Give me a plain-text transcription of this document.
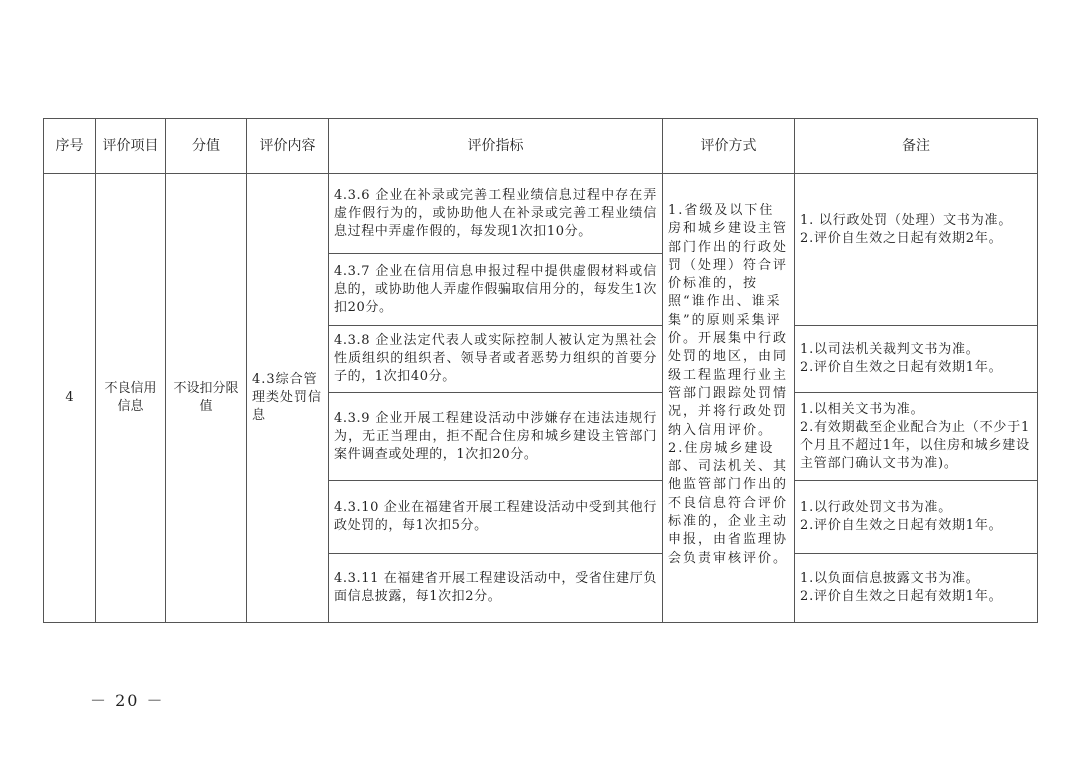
序号	评价项目	分值	评价内容	评价指标	评价方式	备注
4	不良信用信息	不设扣分限值	4.3综合管理类处罚信息	4.3.6 企业在补录或完善工程业绩信息过程中存在弄虚作假行为的，或协助他人在补录或完善工程业绩信息过程中弄虚作假的，每发现1次扣10分。	1.省级及以下住房和城乡建设主管部门作出的行政处罚（处理）符合评价标准的，按照“谁作出、谁采集”的原则采集评价。开展集中行政处罚的地区，由同级工程监理行业主管部门跟踪处罚情况，并将行政处罚纳入信用评价。2.住房城乡建设部、司法机关、其他监管部门作出的不良信息符合评价标准的，企业主动申报，由省监理协会负责审核评价。	1. 以行政处罚（处理）文书为准。
2.评价自生效之日起有效期2年。

				4.3.7 企业在信用信息申报过程中提供虚假材料或信息的，或协助他人弄虚作假骗取信用分的，每发生1次扣20分。		
				4.3.8 企业法定代表人或实际控制人被认定为黑社会性质组织的组织者、领导者或者恶势力组织的首要分子的，1次扣40分。		1.以司法机关裁判文书为准。
2.评价自生效之日起有效期1年。

				4.3.9 企业开展工程建设活动中涉嫌存在违法违规行为，无正当理由，拒不配合住房和城乡建设主管部门案件调查或处理的，1次扣20分。		1.以相关文书为准。
2.有效期截至企业配合为止（不少于1个月且不超过1年，以住房和城乡建设主管部门确认文书为准)。

				4.3.10 企业在福建省开展工程建设活动中受到其他行政处罚的，每1次扣5分。		1.以行政处罚文书为准。
2.评价自生效之日起有效期1年。

				4.3.11 在福建省开展工程建设活动中，受省住建厅负面信息披露，每1次扣2分。		1.以负面信息披露文书为准。
2.评价自生效之日起有效期1年。
－ 20 －
